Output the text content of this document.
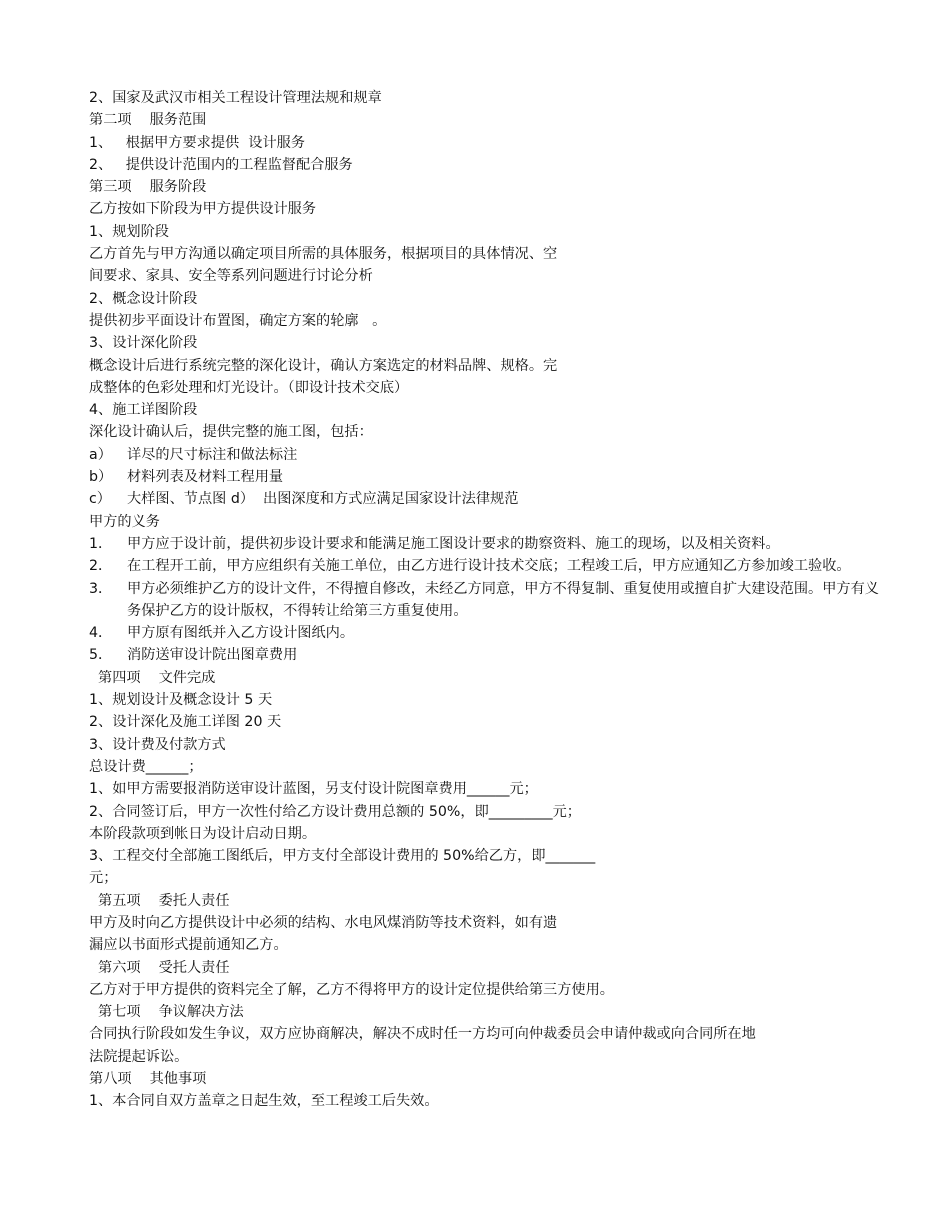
2、国家及武汉市相关工程设计管理法规和规章
第二项    服务范围
1、   根据甲方要求提供  设计服务
2、   提供设计范围内的工程监督配合服务
第三项    服务阶段
乙方按如下阶段为甲方提供设计服务
1、规划阶段
乙方首先与甲方沟通以确定项目所需的具体服务，根据项目的具体情况、空
间要求、家具、安全等系列问题进行讨论分析
2、概念设计阶段
提供初步平面设计布置图，确定方案的轮廓   。
3、设计深化阶段
概念设计后进行系统完整的深化设计，确认方案选定的材料品牌、规格。完
成整体的色彩处理和灯光设计。（即设计技术交底）
4、施工详图阶段
深化设计确认后，提供完整的施工图，包括：
a）	详尽的尺寸标注和做法标注
b）	材料列表及材料工程用量
c）	大样图、节点图 d）  出图深度和方式应满足国家设计法律规范
甲方的义务
1．	甲方应于设计前，提供初步设计要求和能满足施工图设计要求的勘察资料、施工的现场，以及相关资料。
2．	在工程开工前，甲方应组织有关施工单位，由乙方进行设计技术交底；工程竣工后，甲方应通知乙方参加竣工验收。
3．	甲方必须维护乙方的设计文件，不得擅自修改，未经乙方同意，甲方不得复制、重复使用或擅自扩大建设范围。甲方有义务保护乙方的设计版权，不得转让给第三方重复使用。
4．	甲方原有图纸并入乙方设计图纸内。
5．	消防送审设计院出图章费用
第四项    文件完成
1、规划设计及概念设计 5 天
2、设计深化及施工详图 20 天
3、设计费及付款方式
总设计费______；
1、如甲方需要报消防送审设计蓝图，另支付设计院图章费用______元；
2、合同签订后，甲方一次性付给乙方设计费用总额的 50%，即_________元；
本阶段款项到帐日为设计启动日期。
3、工程交付全部施工图纸后，甲方支付全部设计费用的 50%给乙方，即_______
元；
第五项    委托人责任
甲方及时向乙方提供设计中必须的结构、水电风煤消防等技术资料，如有遗
漏应以书面形式提前通知乙方。
第六项    受托人责任
乙方对于甲方提供的资料完全了解，乙方不得将甲方的设计定位提供给第三方使用。
第七项    争议解决方法
合同执行阶段如发生争议，双方应协商解决，解决不成时任一方均可向仲裁委员会申请仲裁或向合同所在地
法院提起诉讼。
第八项    其他事项
1、本合同自双方盖章之日起生效，至工程竣工后失效。
